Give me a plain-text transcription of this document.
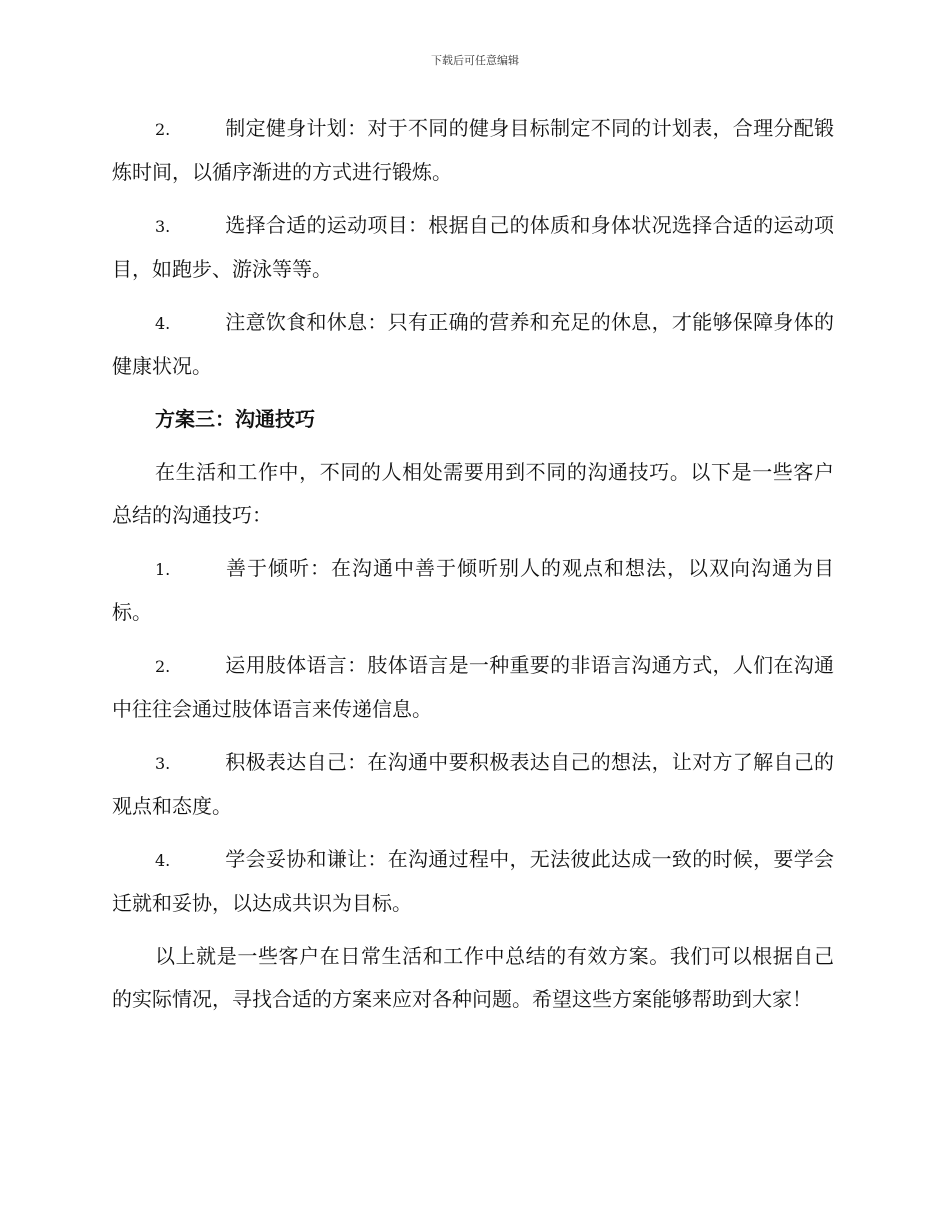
下载后可任意编辑

2.	制定健身计划：对于不同的健身目标制定不同的计划表，合理分配锻炼时间，以循序渐进的方式进行锻炼。

3.	选择合适的运动项目：根据自己的体质和身体状况选择合适的运动项目，如跑步、游泳等等。

4.	注意饮食和休息：只有正确的营养和充足的休息，才能够保障身体的健康状况。

方案三：沟通技巧

在生活和工作中，不同的人相处需要用到不同的沟通技巧。以下是一些客户总结的沟通技巧：

1.	善于倾听：在沟通中善于倾听别人的观点和想法，以双向沟通为目标。

2.	运用肢体语言：肢体语言是一种重要的非语言沟通方式，人们在沟通中往往会通过肢体语言来传递信息。

3.	积极表达自己：在沟通中要积极表达自己的想法，让对方了解自己的观点和态度。

4.	学会妥协和谦让：在沟通过程中，无法彼此达成一致的时候，要学会迁就和妥协，以达成共识为目标。

以上就是一些客户在日常生活和工作中总结的有效方案。我们可以根据自己的实际情况，寻找合适的方案来应对各种问题。希望这些方案能够帮助到大家！
